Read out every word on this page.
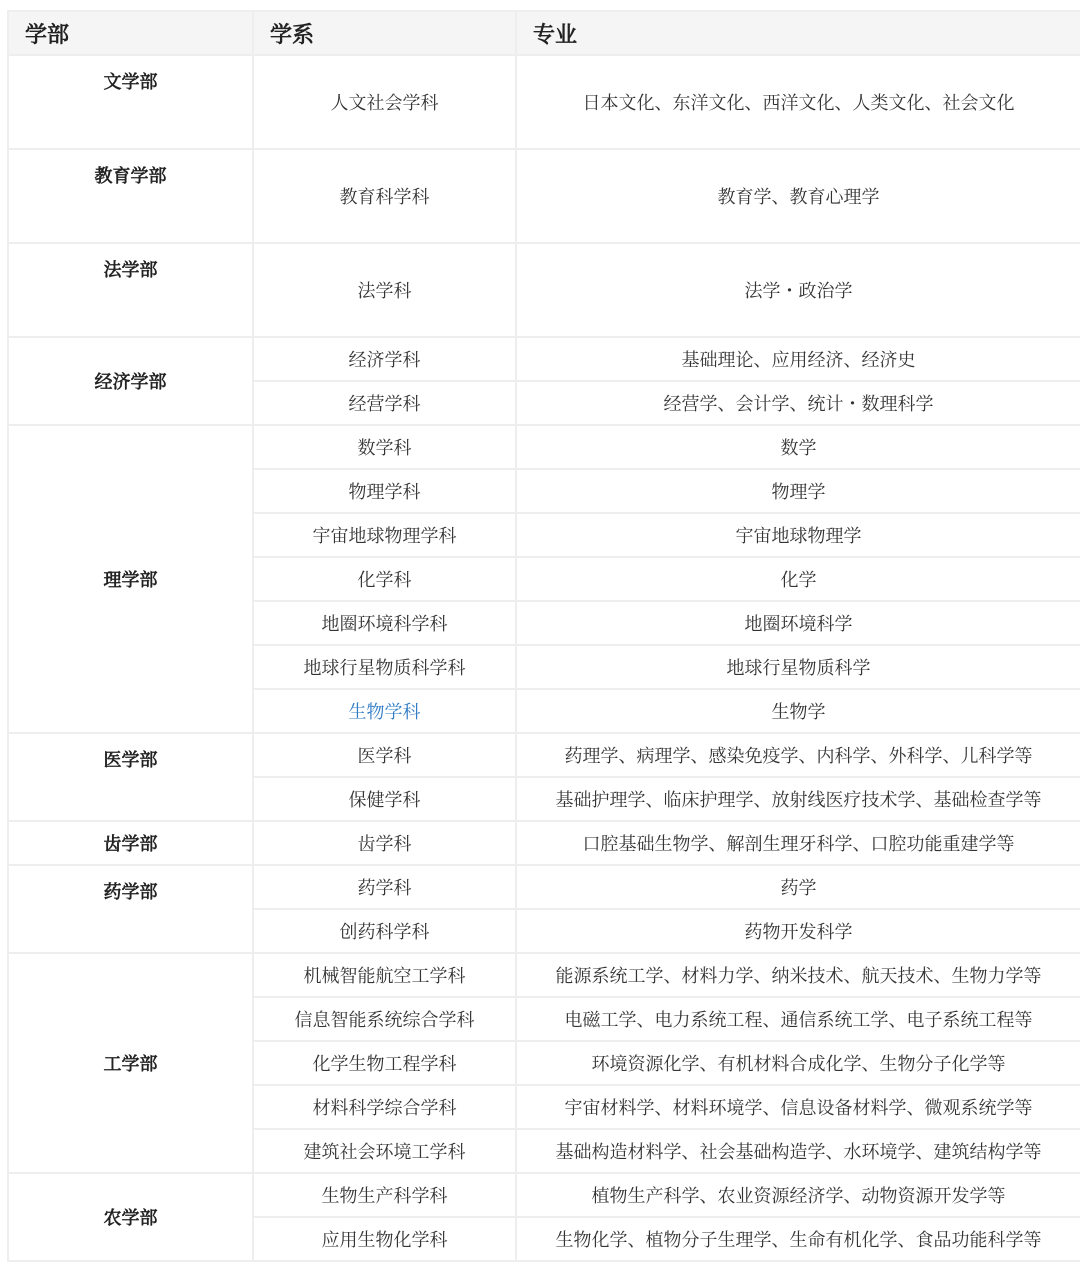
学部	学系	专业
文学部	人文社会学科	日本文化、东洋文化、西洋文化、人类文化、社会文化
教育学部	教育科学科	教育学、教育心理学
法学部	法学科	法学・政治学
经济学部	经济学科	基础理论、应用经济、经济史
	经营学科	经营学、会计学、统计・数理科学
理学部	数学科	数学
	物理学科	物理学
	宇宙地球物理学科	宇宙地球物理学
	化学科	化学
	地圈环境科学科	地圈环境科学
	地球行星物质科学科	地球行星物质科学
	生物学科	生物学
医学部	医学科	药理学、病理学、感染免疫学、内科学、外科学、儿科学等
	保健学科	基础护理学、临床护理学、放射线医疗技术学、基础检查学等
齿学部	齿学科	口腔基础生物学、解剖生理牙科学、口腔功能重建学等
药学部	药学科	药学
	创药科学科	药物开发科学
工学部	机械智能航空工学科	能源系统工学、材料力学、纳米技术、航天技术、生物力学等
	信息智能系统综合学科	电磁工学、电力系统工程、通信系统工学、电子系统工程等
	化学生物工程学科	环境资源化学、有机材料合成化学、生物分子化学等
	材料科学综合学科	宇宙材料学、材料环境学、信息设备材料学、微观系统学等
	建筑社会环境工学科	基础构造材料学、社会基础构造学、水环境学、建筑结构学等
农学部	生物生产科学科	植物生产科学、农业资源经济学、动物资源开发学等
	应用生物化学科	生物化学、植物分子生理学、生命有机化学、食品功能科学等
